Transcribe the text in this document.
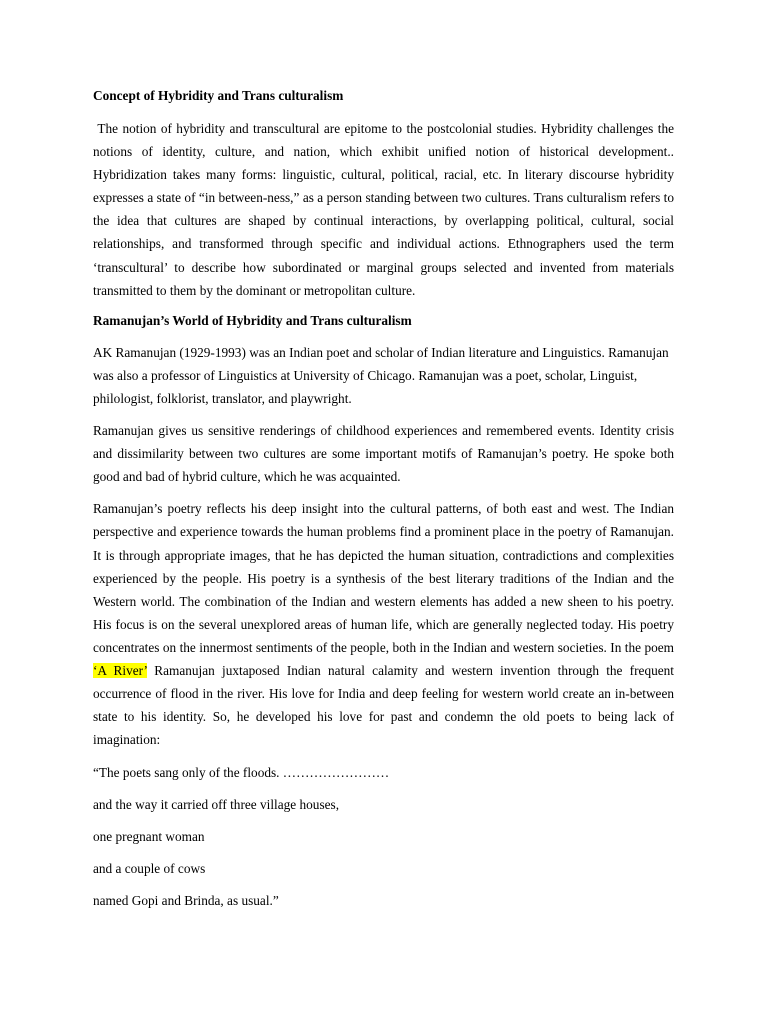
Concept of Hybridity and Trans culturalism

The notion of hybridity and transcultural are epitome to the postcolonial studies. Hybridity challenges the notions of identity, culture, and nation, which exhibit unified notion of historical development.. Hybridization takes many forms: linguistic, cultural, political, racial, etc. In literary discourse hybridity expresses a state of “in between-ness,” as a person standing between two cultures. Trans culturalism refers to the idea that cultures are shaped by continual interactions, by overlapping political, cultural, social relationships, and transformed through specific and individual actions. Ethnographers used the term ‘transcultural’ to describe how subordinated or marginal groups selected and invented from materials transmitted to them by the dominant or metropolitan culture.

Ramanujan’s World of Hybridity and Trans culturalism

AK Ramanujan (1929-1993) was an Indian poet and scholar of Indian literature and Linguistics. Ramanujan was also a professor of Linguistics at University of Chicago. Ramanujan was a poet, scholar, Linguist, philologist, folklorist, translator, and playwright.

Ramanujan gives us sensitive renderings of childhood experiences and remembered events. Identity crisis and dissimilarity between two cultures are some important motifs of Ramanujan’s poetry. He spoke both good and bad of hybrid culture, which he was acquainted.

Ramanujan’s poetry reflects his deep insight into the cultural patterns, of both east and west. The Indian perspective and experience towards the human problems find a prominent place in the poetry of Ramanujan. It is through appropriate images, that he has depicted the human situation, contradictions and complexities experienced by the people. His poetry is a synthesis of the best literary traditions of the Indian and the Western world. The combination of the Indian and western elements has added a new sheen to his poetry. His focus is on the several unexplored areas of human life, which are generally neglected today. His poetry concentrates on the innermost sentiments of the people, both in the Indian and western societies. In the poem ‘A River’ Ramanujan juxtaposed Indian natural calamity and western invention through the frequent occurrence of flood in the river. His love for India and deep feeling for western world create an in-between state to his identity. So, he developed his love for past and condemn the old poets to being lack of imagination:

“The poets sang only of the floods. ……………………

and the way it carried off three village houses,

one pregnant woman

and a couple of cows

named Gopi and Brinda, as usual.”
